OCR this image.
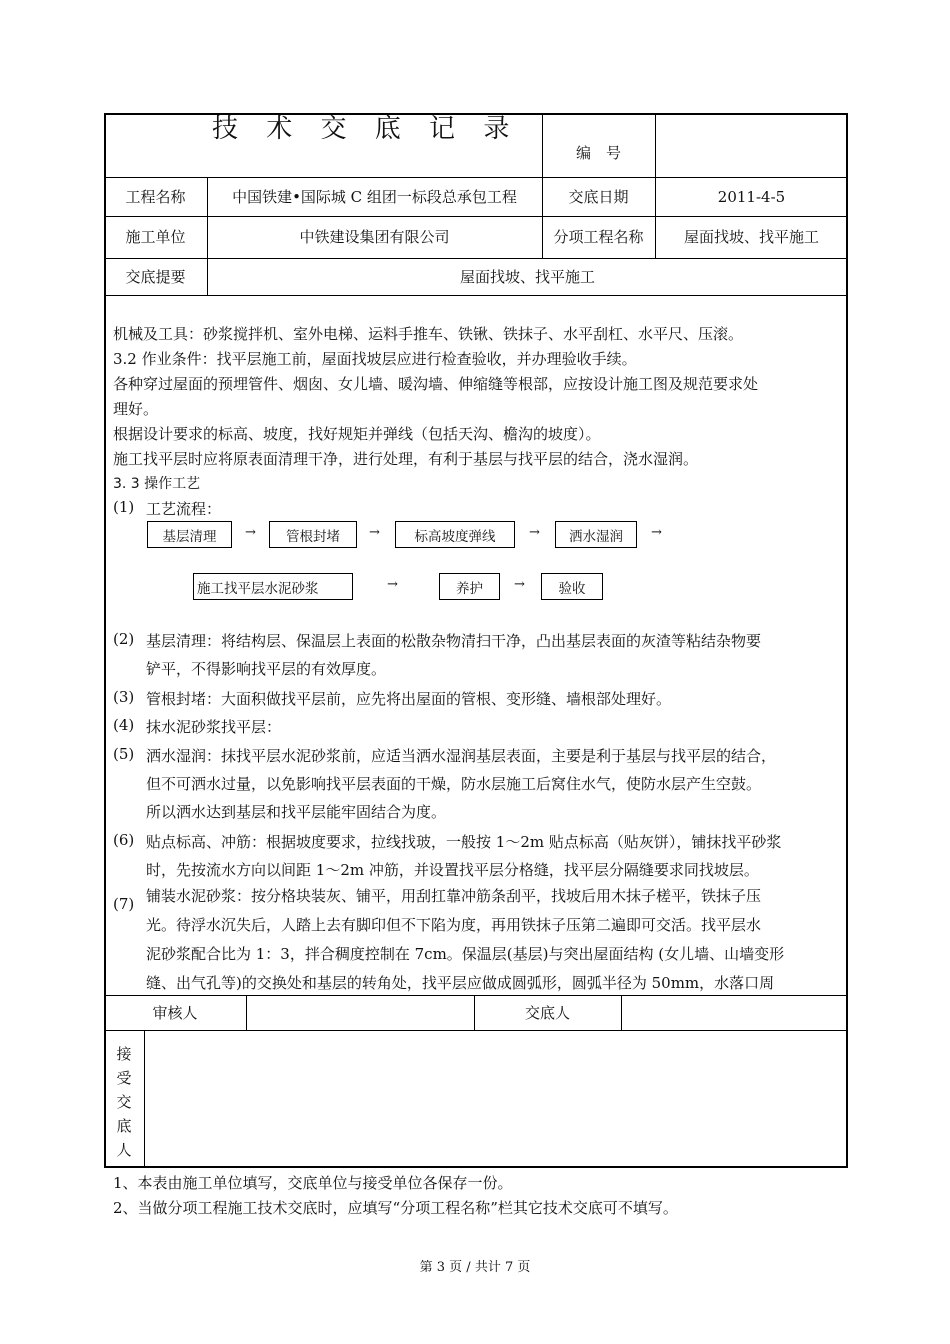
技 术 交 底 记 录
编　号
工程名称	中国铁建•国际城 C 组团一标段总承包工程	交底日期	2011-4-5
施工单位	中铁建设集团有限公司	分项工程名称	屋面找坡、找平施工
交底提要	屋面找坡、找平施工
机械及工具：砂浆搅拌机、室外电梯、运料手推车、铁锹、铁抹子、水平刮杠、水平尺、压滚。
3.2 作业条件：找平层施工前，屋面找坡层应进行检查验收，并办理验收手续。
各种穿过屋面的预埋管件、烟囱、女儿墙、暖沟墙、伸缩缝等根部，应按设计施工图及规范要求处
理好。
根据设计要求的标高、坡度，找好规矩并弹线（包括天沟、檐沟的坡度）。
施工找平层时应将原表面清理干净，进行处理，有利于基层与找平层的结合，浇水湿润。
3. 3 操作工艺
(1) 工艺流程：
基层清理	→	管根封堵	→	标高坡度弹线	→	洒水湿润	→
施工找平层水泥砂浆	→	养护	→	验收
(2) 基层清理：将结构层、保温层上表面的松散杂物清扫干净，凸出基层表面的灰渣等粘结杂物要
铲平，不得影响找平层的有效厚度。
(3) 管根封堵：大面积做找平层前，应先将出屋面的管根、变形缝、墙根部处理好。
(4) 抹水泥砂浆找平层：
(5) 洒水湿润：抹找平层水泥砂浆前，应适当洒水湿润基层表面，主要是利于基层与找平层的结合，
但不可洒水过量，以免影响找平层表面的干燥，防水层施工后窝住水气，使防水层产生空鼓。
所以洒水达到基层和找平层能牢固结合为度。
(6) 贴点标高、冲筋：根据坡度要求，拉线找玻，一般按 1～2m 贴点标高（贴灰饼），铺抹找平砂浆
时，先按流水方向以间距 1～2m 冲筋，并设置找平层分格缝，找平层分隔缝要求同找坡层。
(7) 铺装水泥砂浆：按分格块装灰、铺平，用刮扛靠冲筋条刮平，找坡后用木抹子槎平，铁抹子压
光。待浮水沉失后，人踏上去有脚印但不下陷为度，再用铁抹子压第二遍即可交活。找平层水
泥砂浆配合比为 1：3，拌合稠度控制在 7cm。保温层(基层)与突出屋面结构 (女儿墙、山墙变形
缝、出气孔等)的交换处和基层的转角处，找平层应做成圆弧形，圆弧半径为 50mm，水落口周
审核人	交底人
接
受
交
底
人
1、本表由施工单位填写，交底单位与接受单位各保存一份。
2、当做分项工程施工技术交底时，应填写“分项工程名称”栏其它技术交底可不填写。
第 3 页 / 共计 7 页
